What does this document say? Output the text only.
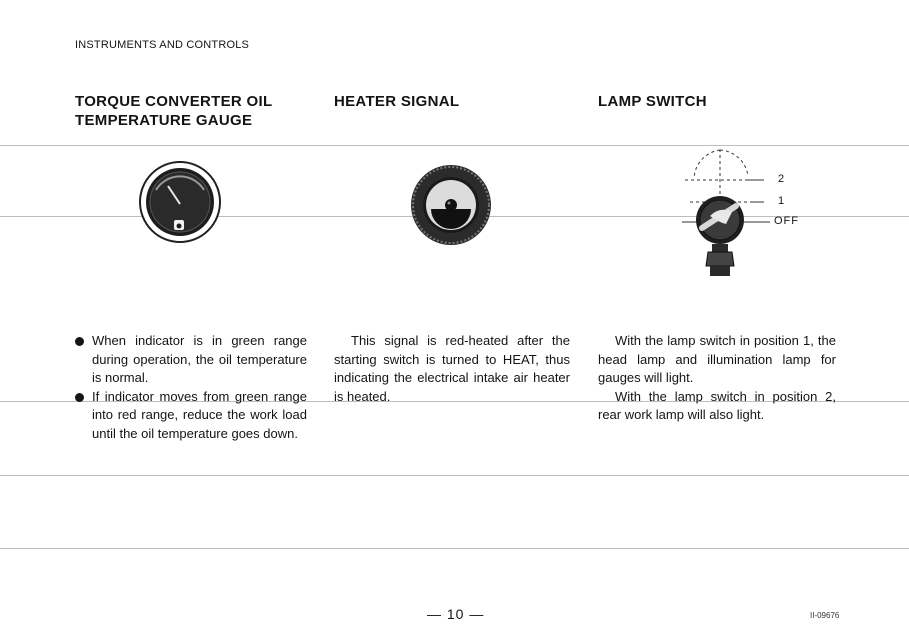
INSTRUMENTS AND CONTROLS
TORQUE CONVERTER OIL
TEMPERATURE GAUGE
When indicator is in green range during operation, the oil temperature is normal.
If indicator moves from green range into red range, reduce the work load until the oil temperature goes down.
HEATER SIGNAL

This signal is red-heated after the starting switch is turned to HEAT, thus indicating the electrical intake air heater is heated.

LAMP SWITCH
2
1
OFF

With the lamp switch in position 1, the head lamp and illumination lamp for gauges will light.

With the lamp switch in position 2, rear work lamp will also light.

— 10 —	II-09676
